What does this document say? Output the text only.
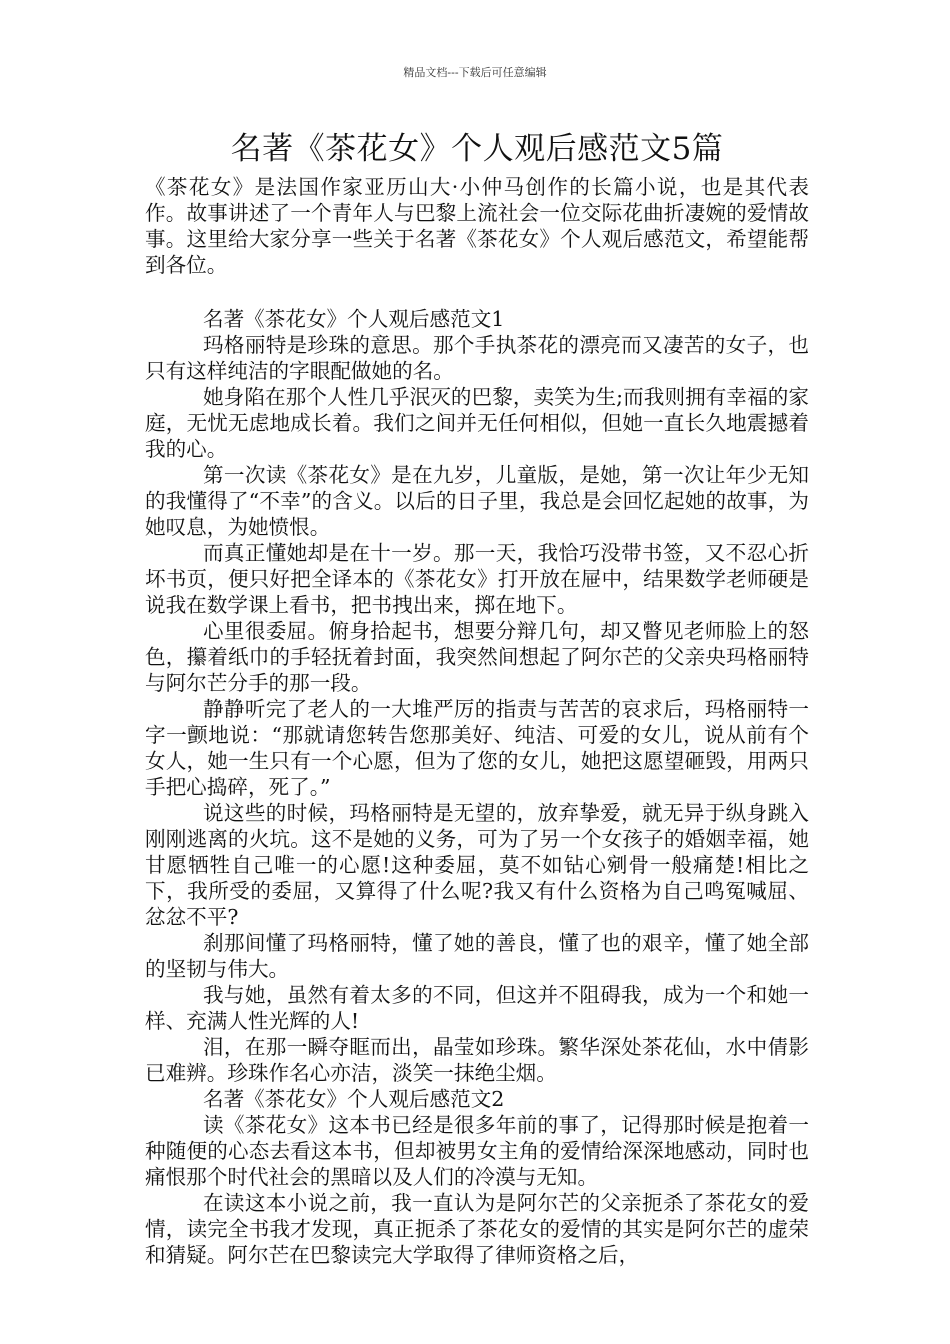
精品文档---下载后可任意编辑
名著《茶花女》个人观后感范文5篇

《茶花女》是法国作家亚历山大·小仲马创作的长篇小说，也是其代表作。故事讲述了一个青年人与巴黎上流社会一位交际花曲折凄婉的爱情故事。这里给大家分享一些关于名著《茶花女》个人观后感范文，希望能帮到各位。

名著《茶花女》个人观后感范文1

玛格丽特是珍珠的意思。那个手执茶花的漂亮而又凄苦的女子，也只有这样纯洁的字眼配做她的名。

她身陷在那个人性几乎泯灭的巴黎，卖笑为生;而我则拥有幸福的家庭，无忧无虑地成长着。我们之间并无任何相似，但她一直长久地震撼着我的心。

第一次读《茶花女》是在九岁，儿童版，是她，第一次让年少无知的我懂得了“不幸”的含义。以后的日子里，我总是会回忆起她的故事，为她叹息，为她愤恨。

而真正懂她却是在十一岁。那一天，我恰巧没带书签，又不忍心折坏书页，便只好把全译本的《茶花女》打开放在屉中，结果数学老师硬是说我在数学课上看书，把书拽出来，掷在地下。

心里很委屈。俯身拾起书，想要分辩几句，却又瞥见老师脸上的怒色，攥着纸巾的手轻抚着封面，我突然间想起了阿尔芒的父亲央玛格丽特与阿尔芒分手的那一段。

静静听完了老人的一大堆严厉的指责与苦苦的哀求后，玛格丽特一字一颤地说：“那就请您转告您那美好、纯洁、可爱的女儿，说从前有个女人，她一生只有一个心愿，但为了您的女儿，她把这愿望砸毁，用两只手把心捣碎，死了。”

说这些的时候，玛格丽特是无望的，放弃挚爱，就无异于纵身跳入刚刚逃离的火坑。这不是她的义务，可为了另一个女孩子的婚姻幸福，她甘愿牺牲自己唯一的心愿!这种委屈，莫不如钻心剜骨一般痛楚!相比之下，我所受的委屈，又算得了什么呢?我又有什么资格为自己鸣冤喊屈、忿忿不平?

刹那间懂了玛格丽特，懂了她的善良，懂了也的艰辛，懂了她全部的坚韧与伟大。

我与她，虽然有着太多的不同，但这并不阻碍我，成为一个和她一样、充满人性光辉的人!

泪，在那一瞬夺眶而出，晶莹如珍珠。繁华深处茶花仙，水中倩影已难辨。珍珠作名心亦洁，淡笑一抹绝尘烟。

名著《茶花女》个人观后感范文2

读《茶花女》这本书已经是很多年前的事了，记得那时候是抱着一种随便的心态去看这本书，但却被男女主角的爱情给深深地感动，同时也痛恨那个时代社会的黑暗以及人们的冷漠与无知。

在读这本小说之前，我一直认为是阿尔芒的父亲扼杀了茶花女的爱情，读完全书我才发现，真正扼杀了茶花女的爱情的其实是阿尔芒的虚荣和猜疑。阿尔芒在巴黎读完大学取得了律师资格之后，
